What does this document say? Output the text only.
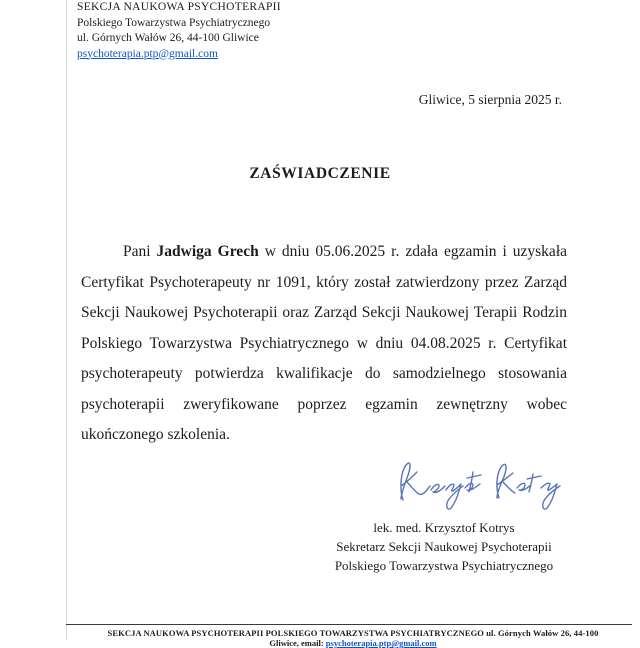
SEKCJA NAUKOWA PSYCHOTERAPII
Polskiego Towarzystwa Psychiatrycznego
ul. Górnych Wałów 26, 44-100 Gliwice
psychoterapia.ptp@gmail.com
Gliwice, 5 sierpnia 2025 r.
ZAŚWIADCZENIE

Pani Jadwiga Grech w dniu 05.06.2025 r. zdała egzamin i uzyskała Certyfikat Psychoterapeuty nr 1091, który został zatwierdzony przez Zarząd Sekcji Naukowej Psychoterapii oraz Zarząd Sekcji Naukowej Terapii Rodzin Polskiego Towarzystwa Psychiatrycznego w dniu 04.08.2025 r. Certyfikat psychoterapeuty potwierdza kwalifikacje do samodzielnego stosowania psychoterapii zweryfikowane poprzez egzamin zewnętrzny wobec ukończonego szkolenia.

lek. med. Krzysztof Kotrys
Sekretarz Sekcji Naukowej Psychoterapii
Polskiego Towarzystwa Psychiatrycznego
SEKCJA NAUKOWA PSYCHOTERAPII POLSKIEGO TOWARZYSTWA PSYCHIATRYCZNEGO ul. Górnych Wałów 26, 44-100
Gliwice, email: psychoterapia.ptp@gmail.com
